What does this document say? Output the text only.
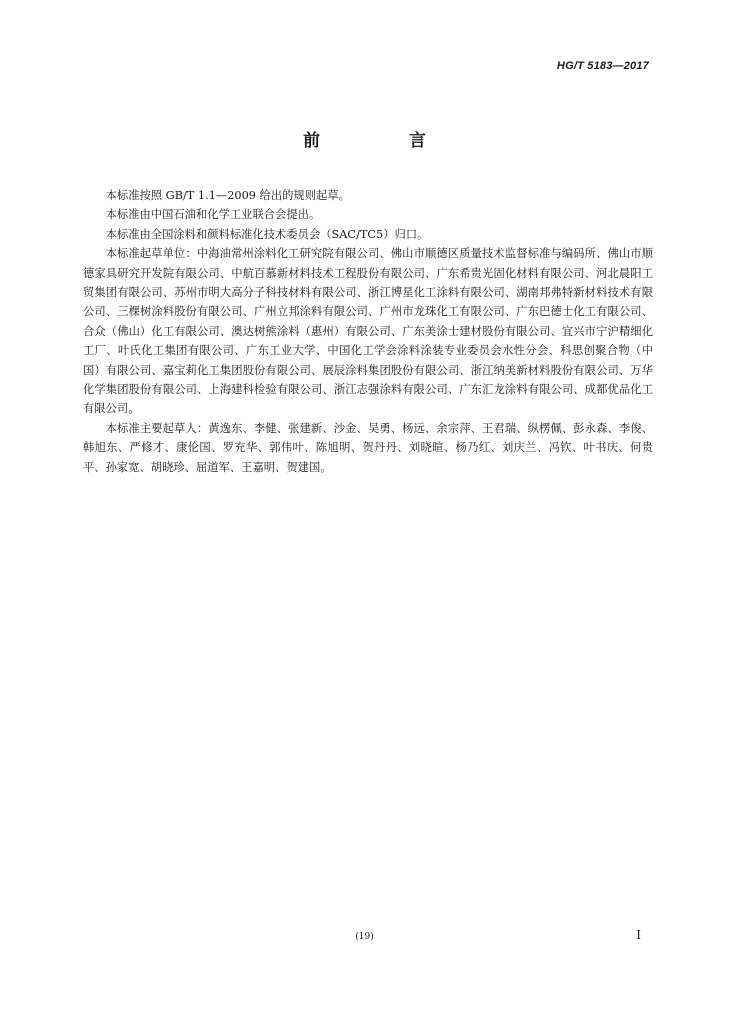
HG/T 5183—2017
前　言

本标准按照 GB/T 1.1—2009 给出的规则起草。

本标准由中国石油和化学工业联合会提出。

本标准由全国涂料和颜料标准化技术委员会（SAC/TC5）归口。

本标准起草单位：中海油常州涂料化工研究院有限公司、佛山市顺德区质量技术监督标准与编码所、佛山市顺德家具研究开发院有限公司、中航百慕新材料技术工程股份有限公司、广东希贵光固化材料有限公司、河北晨阳工贸集团有限公司、苏州市明大高分子科技材料有限公司、浙江博星化工涂料有限公司、湖南邦弗特新材料技术有限公司、三棵树涂料股份有限公司、广州立邦涂料有限公司、广州市龙珠化工有限公司、广东巴德士化工有限公司、合众（佛山）化工有限公司、澳达树熊涂料（惠州）有限公司、广东美涂士建材股份有限公司、宜兴市宁沪精细化工厂、叶氏化工集团有限公司、广东工业大学、中国化工学会涂料涂装专业委员会水性分会、科思创聚合物（中国）有限公司、嘉宝莉化工集团股份有限公司、展辰涂料集团股份有限公司、浙江纳美新材料股份有限公司、万华化学集团股份有限公司、上海建科检验有限公司、浙江志强涂料有限公司、广东汇龙涂料有限公司、成都优品化工有限公司。

本标准主要起草人：黄逸东、李健、张建新、沙金、吴勇、杨远、余宗萍、王君瑞、纵楞佩、彭永森、李俊、韩旭东、严修才、康伦国、罗充华、郭伟叶、陈旭明、贺丹丹、刘晓暄、杨乃红、刘庆兰、冯钦、叶书庆、何贵平、孙家宽、胡晓珍、屈道军、王嘉明、贺建国。

(19)	I
